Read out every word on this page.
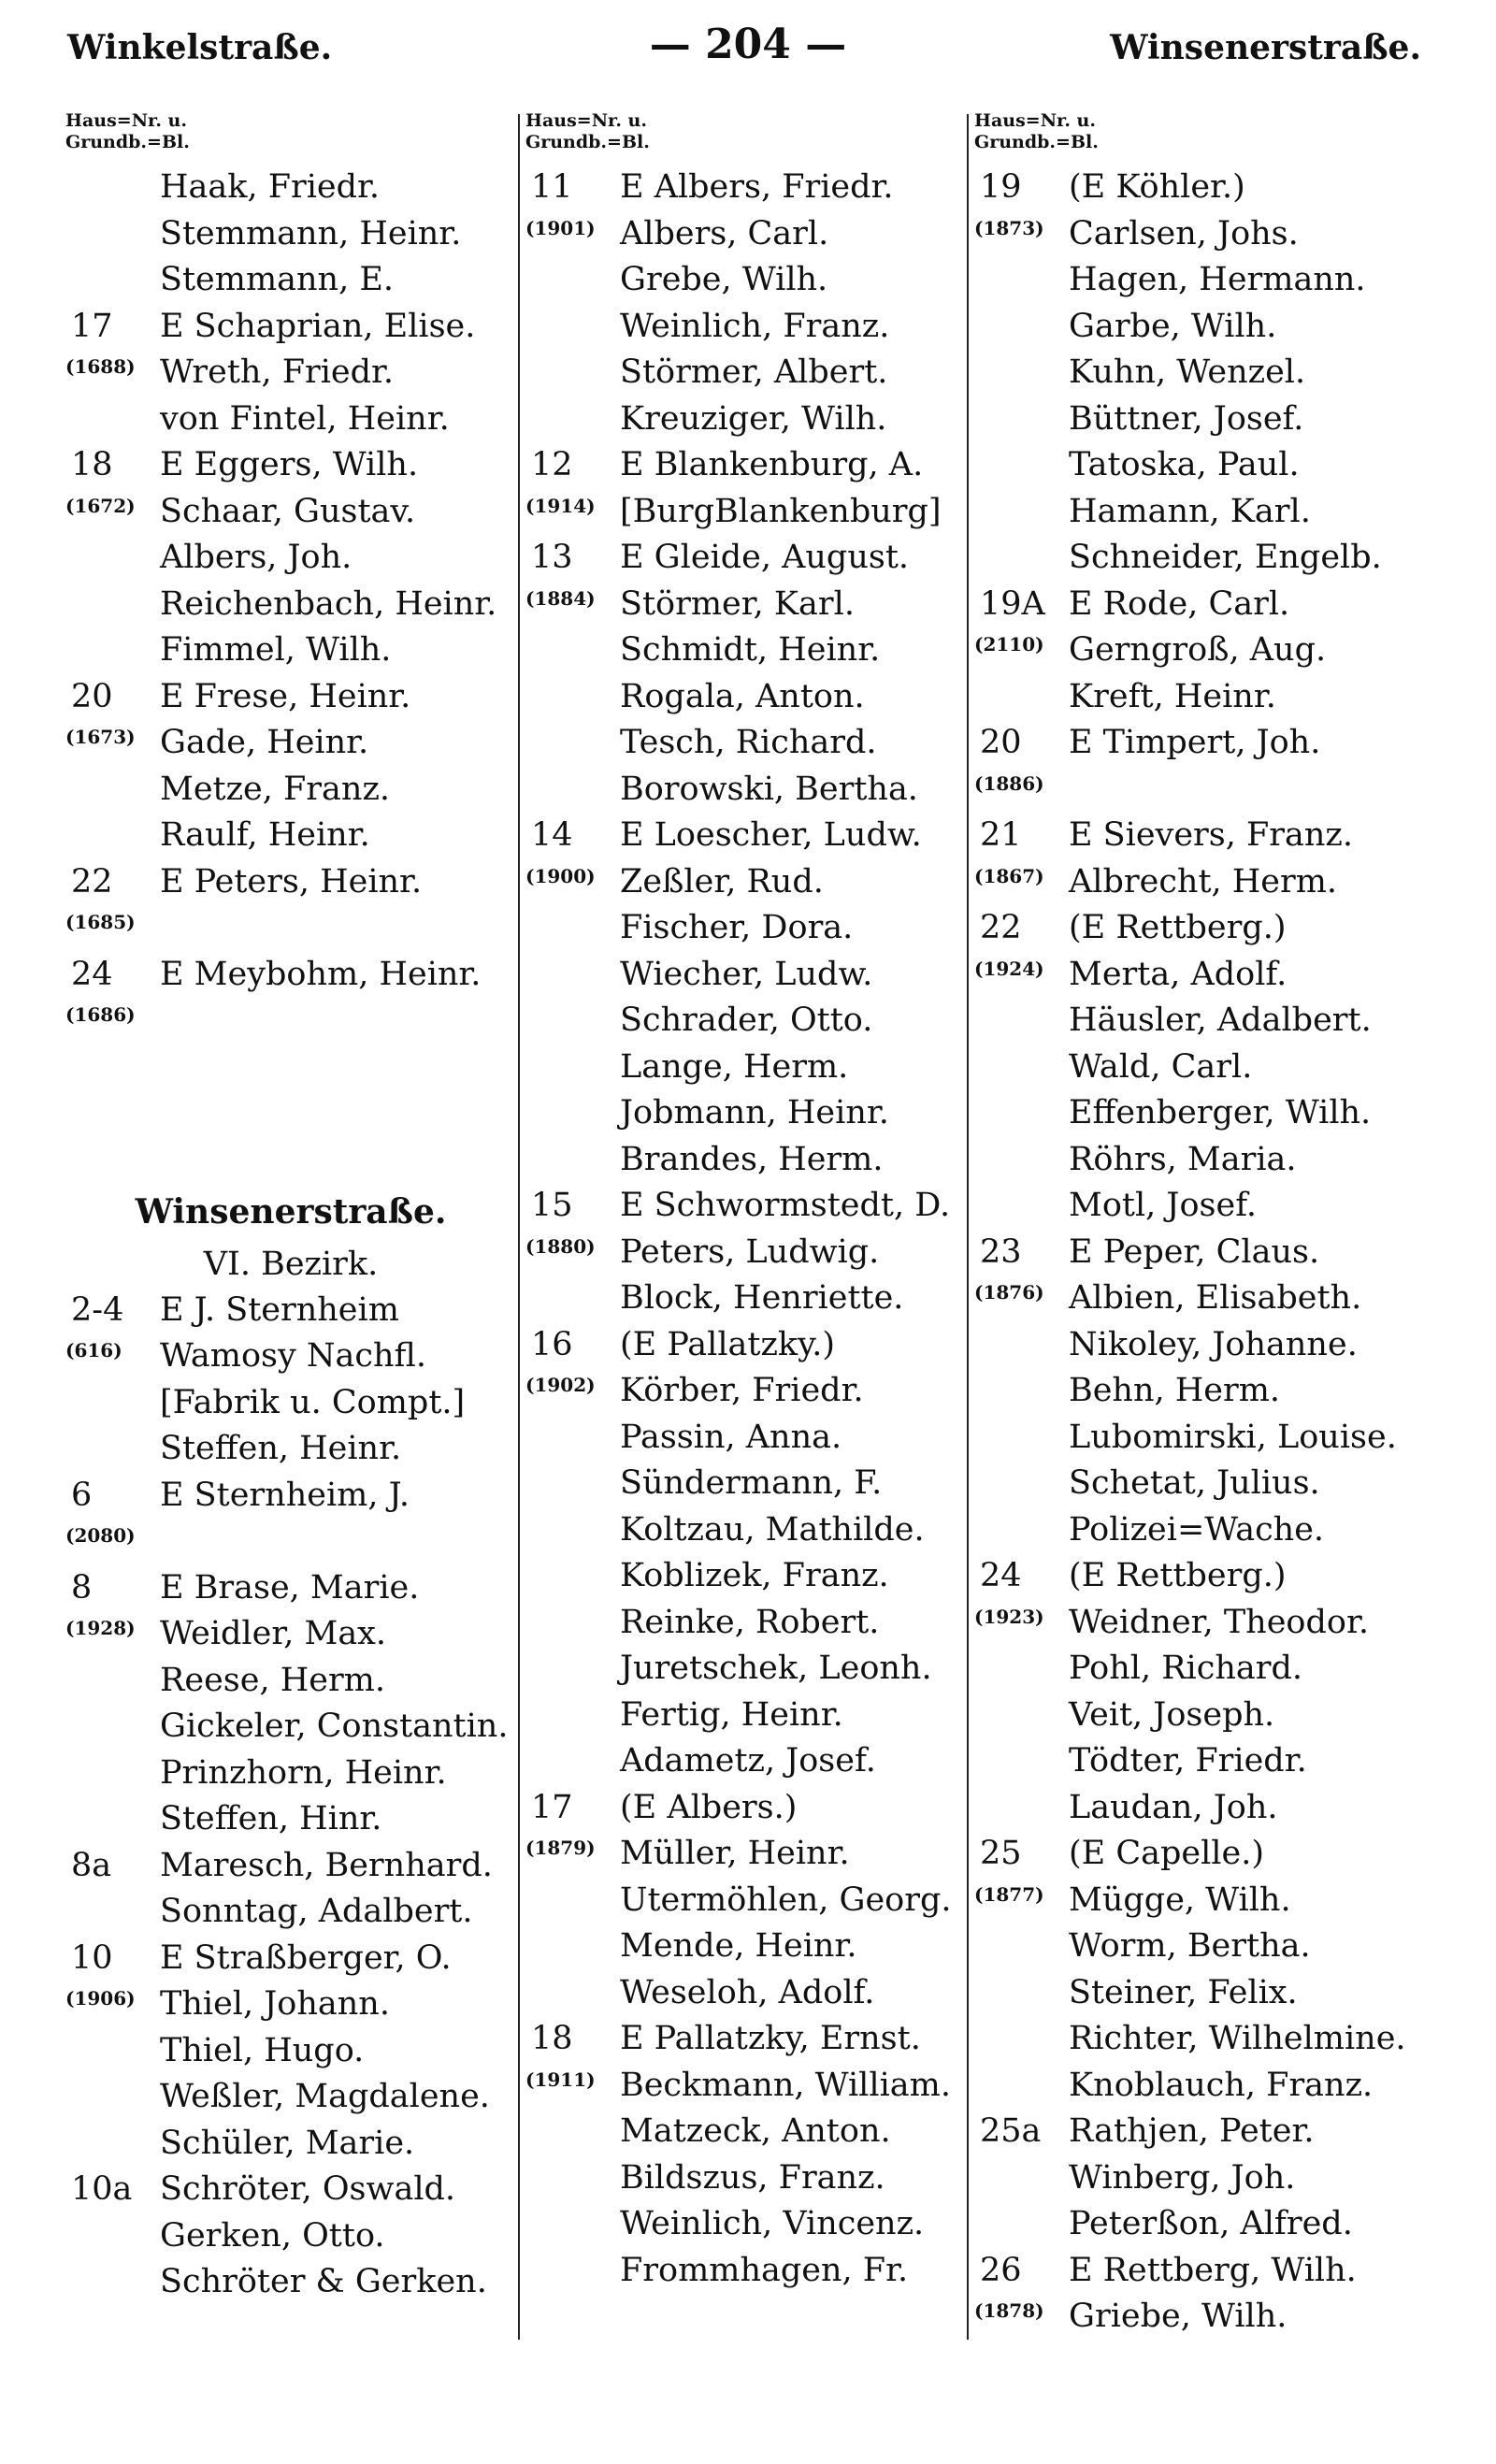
Winkelstraße.	— 204 —	Winsenerstraße.
Haus=Nr. u.
Grundb.=Bl.
Haak, Friedr.
Stemmann, Heinr.
Stemmann, E.
17	E Schaprian, Elise.
(1688) Wreth, Friedr.
von Fintel, Heinr.
18	E Eggers, Wilh.
(1672) Schaar, Gustav.
Albers, Joh.
Reichenbach, Heinr.
Fimmel, Wilh.
20	E Frese, Heinr.
(1673) Gade, Heinr.
Metze, Franz.
Raulf, Heinr.
22	E Peters, Heinr.
(1685)
24	E Meybohm, Heinr.
(1686)
Winsenerstraße.
VI. Bezirk.
2-4	E J. Sternheim
(616) Wamosy Nachfl.
[Fabrik u. Compt.]
Steffen, Heinr.
6	E Sternheim, J.
(2080)
8	E Brase, Marie.
(1928) Weidler, Max.
Reese, Herm.
Gickeler, Constantin.
Prinzhorn, Heinr.
Steffen, Hinr.
8a	Maresch, Bernhard.
Sonntag, Adalbert.
10	E Straßberger, O.
(1906) Thiel, Johann.
Thiel, Hugo.
Weßler, Magdalene.
Schüler, Marie.
10a Schröter, Oswald.
Gerken, Otto.
Schröter & Gerken.
Haus=Nr. u.
Grundb.=Bl.
11	E Albers, Friedr.
(1901) Albers, Carl.
Grebe, Wilh.
Weinlich, Franz.
Störmer, Albert.
Kreuziger, Wilh.
12	E Blankenburg, A.
(1914) [BurgBlankenburg]
13	E Gleide, August.
(1884) Störmer, Karl.
Schmidt, Heinr.
Rogala, Anton.
Tesch, Richard.
Borowski, Bertha.
14	E Loescher, Ludw.
(1900) Zeßler, Rud.
Fischer, Dora.
Wiecher, Ludw.
Schrader, Otto.
Lange, Herm.
Jobmann, Heinr.
Brandes, Herm.
15	E Schwormstedt, D.
(1880) Peters, Ludwig.
Block, Henriette.
16	(E Pallatzky.)
(1902) Körber, Friedr.
Passin, Anna.
Sündermann, F.
Koltzau, Mathilde.
Koblizek, Franz.
Reinke, Robert.
Juretschek, Leonh.
Fertig, Heinr.
Adametz, Josef.
17	(E Albers.)
(1879) Müller, Heinr.
Utermöhlen, Georg.
Mende, Heinr.
Weseloh, Adolf.
18	E Pallatzky, Ernst.
(1911) Beckmann, William.
Matzeck, Anton.
Bildszus, Franz.
Weinlich, Vincenz.
Frommhagen, Fr.
Haus=Nr. u.
Grundb.=Bl.
19	(E Köhler.)
(1873) Carlsen, Johs.
Hagen, Hermann.
Garbe, Wilh.
Kuhn, Wenzel.
Büttner, Josef.
Tatoska, Paul.
Hamann, Karl.
Schneider, Engelb.
19A E Rode, Carl.
(2110) Gerngroß, Aug.
Kreft, Heinr.
20	E Timpert, Joh.
(1886)
21	E Sievers, Franz.
(1867) Albrecht, Herm.
22	(E Rettberg.)
(1924) Merta, Adolf.
Häusler, Adalbert.
Wald, Carl.
Effenberger, Wilh.
Röhrs, Maria.
Motl, Josef.
23	E Peper, Claus.
(1876) Albien, Elisabeth.
Nikoley, Johanne.
Behn, Herm.
Lubomirski, Louise.
Schetat, Julius.
Polizei=Wache.
24	(E Rettberg.)
(1923) Weidner, Theodor.
Pohl, Richard.
Veit, Joseph.
Tödter, Friedr.
Laudan, Joh.
25	(E Capelle.)
(1877) Mügge, Wilh.
Worm, Bertha.
Steiner, Felix.
Richter, Wilhelmine.
Knoblauch, Franz.
25a Rathjen, Peter.
Winberg, Joh.
Peterßon, Alfred.
26	E Rettberg, Wilh.
(1878) Griebe, Wilh.
